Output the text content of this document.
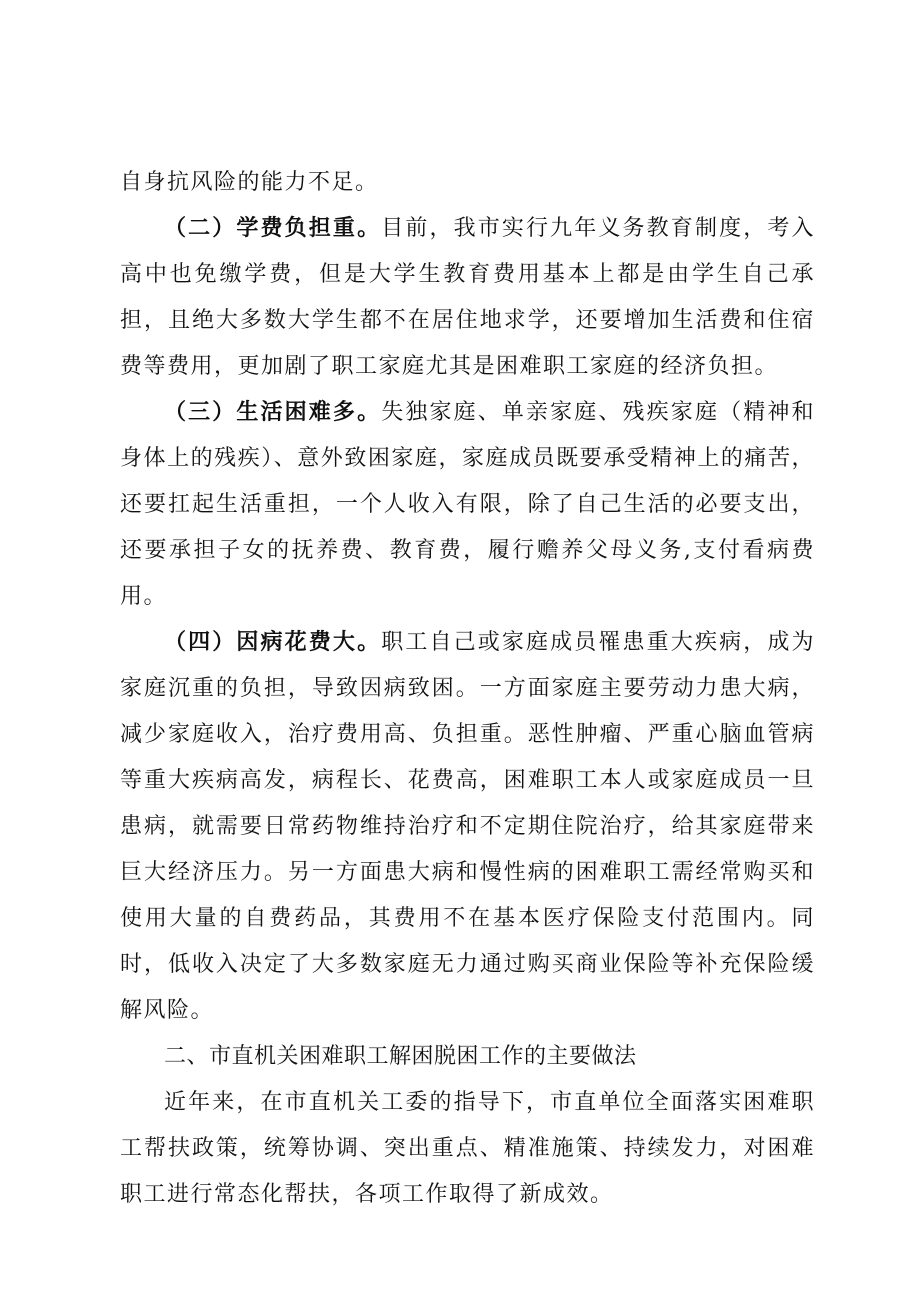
自身抗风险的能力不足。

（二）学费负担重。目前，我市实行九年义务教育制度，考入高中也免缴学费，但是大学生教育费用基本上都是由学生自己承担，且绝大多数大学生都不在居住地求学，还要增加生活费和住宿费等费用，更加剧了职工家庭尤其是困难职工家庭的经济负担。

（三）生活困难多。失独家庭、单亲家庭、残疾家庭（精神和身体上的残疾）、意外致困家庭，家庭成员既要承受精神上的痛苦，还要扛起生活重担，一个人收入有限，除了自己生活的必要支出，还要承担子女的抚养费、教育费，履行赡养父母义务,支付看病费用。

（四）因病花费大。职工自己或家庭成员罹患重大疾病，成为家庭沉重的负担，导致因病致困。一方面家庭主要劳动力患大病，减少家庭收入，治疗费用高、负担重。恶性肿瘤、严重心脑血管病等重大疾病高发，病程长、花费高，困难职工本人或家庭成员一旦患病，就需要日常药物维持治疗和不定期住院治疗，给其家庭带来巨大经济压力。另一方面患大病和慢性病的困难职工需经常购买和使用大量的自费药品，其费用不在基本医疗保险支付范围内。同时，低收入决定了大多数家庭无力通过购买商业保险等补充保险缓解风险。

二、市直机关困难职工解困脱困工作的主要做法

近年来，在市直机关工委的指导下，市直单位全面落实困难职工帮扶政策，统筹协调、突出重点、精准施策、持续发力，对困难职工进行常态化帮扶，各项工作取得了新成效。
